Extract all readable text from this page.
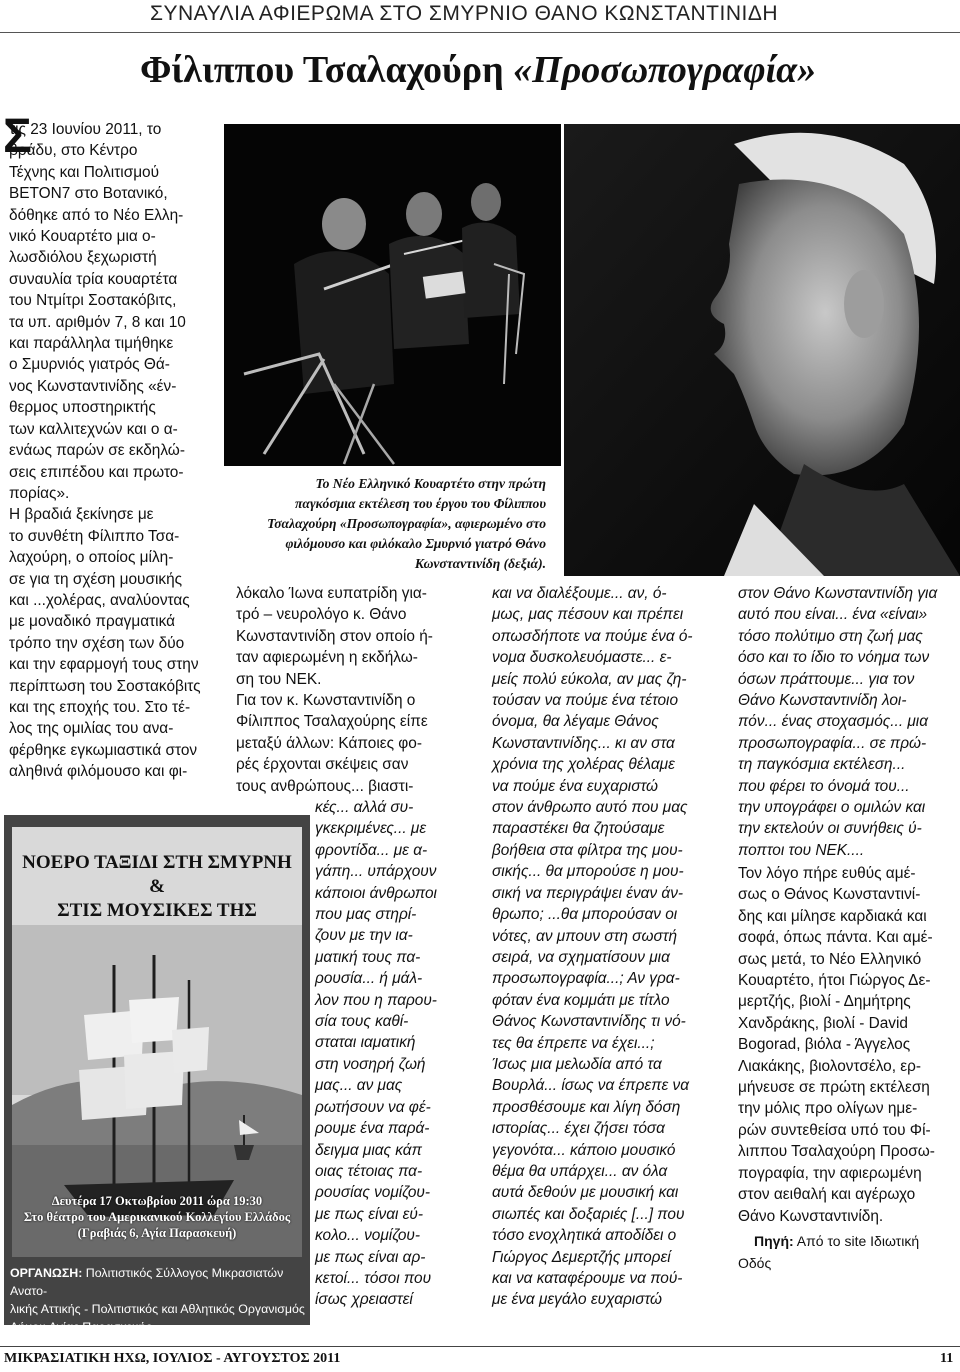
ΣΥΝΑΥΛΙΑ ΑΦΙΕΡΩΜΑ ΣΤΟ ΣΜΥΡΝΙΟ ΘΑΝΟ ΚΩΝΣΤΑΝΤΙΝΙΔΗ
Φίλιππου Τσαλαχούρη «Προσωπογραφία»
Σ
τις 23 Ιουνίου 2011, το
βράδυ, στο Κέντρο
Τέχνης και Πολιτισμού
BETON7 στο Βοτανικό,
δόθηκε από το Νέο Ελλη-
νικό Κουαρτέτο μια ο-
λωσδιόλου ξεχωριστή
συναυλία τρία κουαρτέτα
του Ντμίτρι Σοστακόβιτς,
τα υπ. αριθμόν 7, 8 και 10
και παράλληλα τιμήθηκε
ο Σμυρνιός γιατρός Θά-
νος Κωνσταντινίδης «έν-
θερμος υποστηρικτής
των καλλιτεχνών και ο α-
ενάως παρών σε εκδηλώ-
σεις επιπέδου και πρωτο-
πορίας».
Η βραδιά ξεκίνησε με
το συνθέτη Φίλιππο Τσα-
λαχούρη, ο οποίος μίλη-
σε για τη σχέση μουσικής
και ...χολέρας, αναλύοντας
με μοναδικό πραγματικά
τρόπο την σχέση των δύο
και την εφαρμογή τους στην
περίπτωση του Σοστακόβιτς
και της εποχής του. Στο τέ-
λος της ομιλίας του ανα-
φέρθηκε εγκωμιαστικά στον
αληθινά φιλόμουσο και φι-
Το Νέο Ελληνικό Κουαρτέτο στην πρώτη
παγκόσμια εκτέλεση του έργου του Φίλιππου
Τσαλαχούρη «Προσωπογραφία», αφιερωμένο στο
φιλόμουσο και φιλόκαλο Σμυρνιό γιατρό Θάνο
Κωνσταντινίδη (δεξιά).
λόκαλο Ίωνα ευπατρίδη για-
τρό – νευρολόγο κ. Θάνο
Κωνσταντινίδη στον οποίο ή-
ταν αφιερωμένη η εκδήλω-
ση του ΝΕΚ.
Για τον κ. Κωνσταντινίδη ο
Φίλιππος Τσαλαχούρης είπε
μεταξύ άλλων: Κάποιες φο-
ρές έρχονται σκέψεις σαν
τους ανθρώπους... βιαστι-
κές... αλλά συ-
γκεκριμένες... με
φροντίδα... με α-
γάπη... υπάρχουν
κάποιοι άνθρωποι
που μας στηρί-
ζουν με την ια-
ματική τους πα-
ρουσία... ή μάλ-
λον που η παρου-
σία τους καθί-
σταται ιαματική
στη νοσηρή ζωή
μας... αν μας
ρωτήσουν να φέ-
ρουμε ένα παρά-
δειγμα μιας κάπ
οιας τέτοιας πα-
ρουσίας νομίζου-
με πως είναι εύ-
κολο... νομίζου-
με πως είναι αρ-
κετοί... τόσοι που
ίσως χρειαστεί
και να διαλέξουμε... αν, ό-
μως, μας πέσουν και πρέπει
οπωσδήποτε να πούμε ένα ό-
νομα δυσκολευόμαστε... ε-
μείς πολύ εύκολα, αν μας ζη-
τούσαν να πούμε ένα τέτοιο
όνομα, θα λέγαμε Θάνος
Κωνσταντινίδης... κι αν στα
χρόνια της χολέρας θέλαμε
να πούμε ένα ευχαριστώ
στον άνθρωπο αυτό που μας
παραστέκει θα ζητούσαμε
βοήθεια στα φίλτρα της μου-
σικής... θα μπορούσε η μου-
σική να περιγράψει έναν άν-
θρωπο; ...θα μπορούσαν οι
νότες, αν μπουν στη σωστή
σειρά, να σχηματίσουν μια
προσωπογραφία...; Αν γρα-
φόταν ένα κομμάτι με τίτλο
Θάνος Κωνσταντινίδης τι νό-
τες θα έπρεπε να έχει...;
Ίσως μια μελωδία από τα
Βουρλά... ίσως να έπρεπε να
προσθέσουμε και λίγη δόση
ιστορίας... έχει ζήσει τόσα
γεγονότα... κάποιο μουσικό
θέμα θα υπάρχει... αν όλα
αυτά δεθούν με μουσική και
σιωπές και δοξαριές [...] που
τόσο ενοχλητικά αποδίδει ο
Γιώργος Δεμερτζής μπορεί
και να καταφέρουμε να πού-
με ένα μεγάλο ευχαριστώ
στον Θάνο Κωνσταντινίδη για
αυτό που είναι... ένα «είναι»
τόσο πολύτιμο στη ζωή μας
όσο και το ίδιο το νόημα των
όσων πράττουμε... για τον
Θάνο Κωνσταντινίδη λοι-
πόν... ένας στοχασμός... μια
προσωπογραφία... σε πρώ-
τη παγκόσμια εκτέλεση...
που φέρει το όνομά του...
την υπογράφει ο ομιλών και
την εκτελούν οι συνήθεις ύ-
ποπτοι του ΝΕΚ....
Τον λόγο πήρε ευθύς αμέ-
σως ο Θάνος Κωνσταντινί-
δης και μίλησε καρδιακά και
σοφά, όπως πάντα. Και αμέ-
σως μετά, το Νέο Ελληνικό
Κουαρτέτο, ήτοι Γιώργος Δε-
μερτζής, βιολί - Δημήτρης
Χανδράκης, βιολί - David
Bogorad, βιόλα - Άγγελος
Λιακάκης, βιολοντσέλο, ερ-
μήνευσε σε πρώτη εκτέλεση
την μόλις προ ολίγων ημε-
ρών συντεθείσα υπό του Φί-
λιππου Τσαλαχούρη Προσω-
πογραφία, την αφιερωμένη
στον αειθαλή και αγέρωχο
Θάνο Κωνσταντινίδη.
Πηγή: Από το site Ιδιωτική
Οδός
ΝΟΕΡΟ ΤΑΞΙΔΙ ΣΤΗ ΣΜΥΡΝΗ
&
ΣΤΙΣ ΜΟΥΣΙΚΕΣ ΤΗΣ
Δευτέρα 17 Οκτωβρίου 2011 ώρα 19:30
Στο θέατρο του Αμερικανικού Κολλεγίου Ελλάδος
(Γραβιάς 6, Αγία Παρασκευή)
ΟΡΓΑΝΩΣΗ: Πολιτιστικός Σύλλογος Μικρασιατών Ανατο-
λικής Αττικής - Πολιτιστικός και Αθλητικός Οργανισμός
Δήμου Αγίας Παρασκευής
ΜΙΚΡΑΣΙΑΤΙΚΗ ΗΧΩ, ΙΟΥΛΙΟΣ - ΑΥΓΟΥΣΤΟΣ 2011	11
